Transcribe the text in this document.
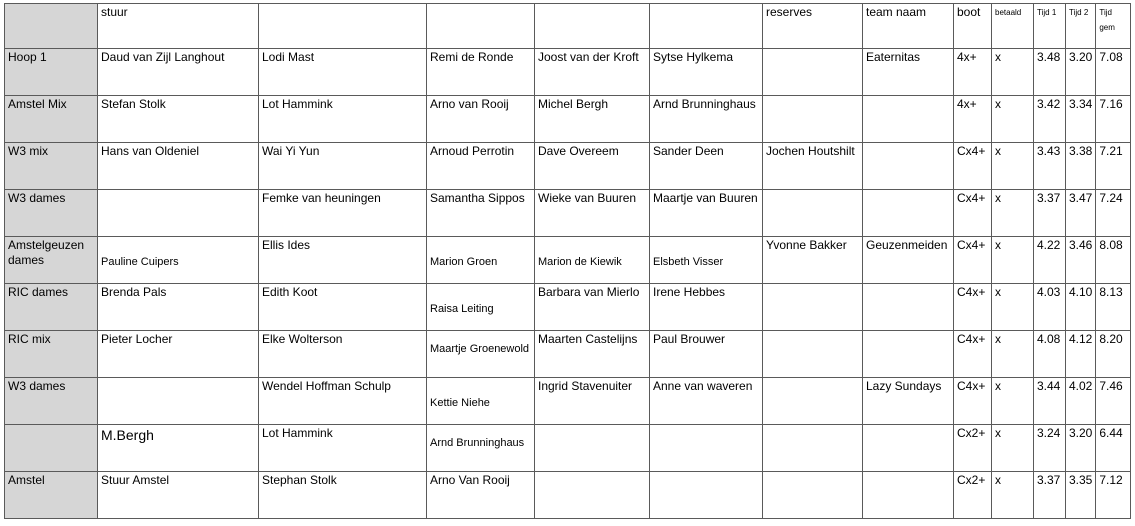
	stuur					reserves	team naam	boot	betaald	Tijd 1	Tijd 2	Tijd gem
Hoop 1	Daud van Zijl Langhout	Lodi Mast	Remi de Ronde	Joost van der Kroft	Sytse Hylkema		Eaternitas	4x+	x	3.48	3.20	7.08
Amstel Mix	Stefan Stolk	Lot Hammink	Arno van Rooij	Michel Bergh	Arnd Brunninghaus			4x+	x	3.42	3.34	7.16
W3 mix	Hans van Oldeniel	Wai Yi Yun	Arnoud Perrotin	Dave Overeem	Sander Deen	Jochen Houtshilt		Cx4+	x	3.43	3.38	7.21
W3 dames		Femke van heuningen	Samantha Sippos	Wieke van Buuren	Maartje van Buuren			Cx4+	x	3.37	3.47	7.24
Amstelgeuzen dames	Pauline Cuipers	Ellis Ides	Marion Groen	Marion de Kiewik	Elsbeth Visser	Yvonne Bakker	Geuzenmeiden	Cx4+	x	4.22	3.46	8.08
RIC dames	Brenda Pals	Edith Koot	Raisa Leiting	Barbara van Mierlo	Irene Hebbes			C4x+	x	4.03	4.10	8.13
RIC mix	Pieter Locher	Elke Wolterson	Maartje Groenewold	Maarten Castelijns	Paul Brouwer			C4x+	x	4.08	4.12	8.20
W3 dames		Wendel Hoffman Schulp	Kettie Niehe	Ingrid Stavenuiter	Anne van waveren		Lazy Sundays	C4x+	x	3.44	4.02	7.46

	M.Bergh	Lot Hammink	Arnd Brunninghaus					Cx2+	x	3.24	3.20	6.44
Amstel	Stuur Amstel	Stephan Stolk	Arno Van Rooij					Cx2+	x	3.37	3.35	7.12
